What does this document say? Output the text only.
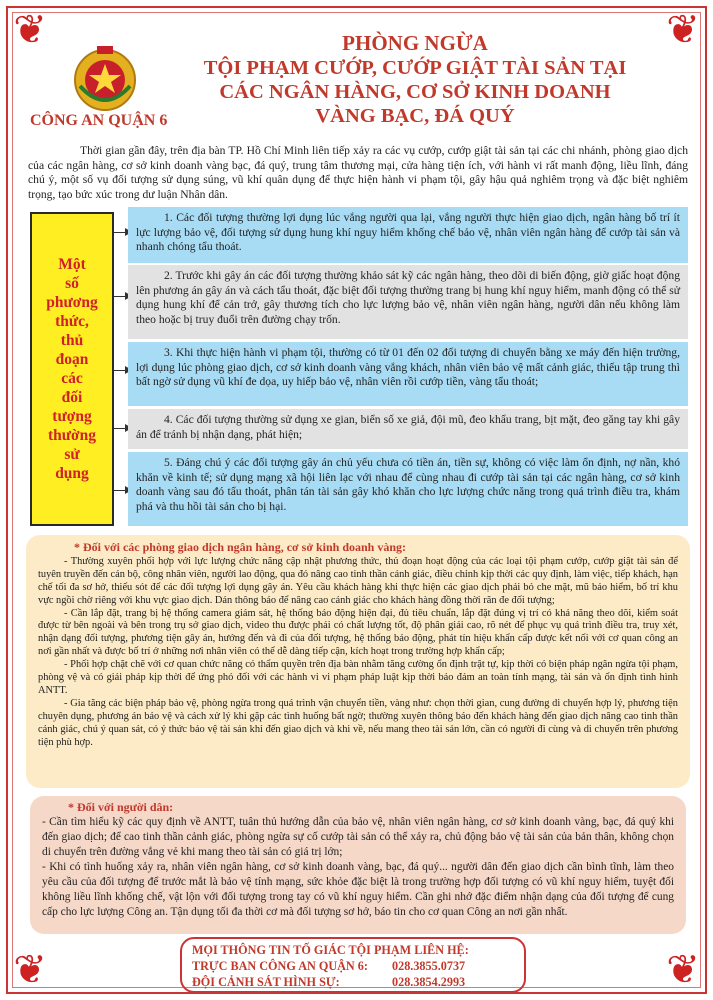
❦	❦
❦	❦
CÔNG AN QUẬN 6
PHÒNG NGỪA
TỘI PHẠM CƯỚP, CƯỚP GIẬT TÀI SẢN TẠI
CÁC NGÂN HÀNG, CƠ SỞ KINH DOANH
VÀNG BẠC, ĐÁ QUÝ
Thời gian gần đây, trên địa bàn TP. Hồ Chí Minh liên tiếp xảy ra các vụ cướp, cướp giật tài sản tại các chi nhánh, phòng giao dịch của các ngân hàng, cơ sở kinh doanh vàng bạc, đá quý, trung tâm thương mại, cửa hàng tiện ích, với hành vi rất manh động, liều lĩnh, đáng chú ý, một số vụ đối tượng sử dụng súng, vũ khí quân dụng để thực hiện hành vi phạm tội, gây hậu quả nghiêm trọng và đặc biệt nghiêm trọng, tạo bức xúc trong dư luận Nhân dân.
Một
số
phương
thức,
thủ
đoạn
các
đối
tượng
thường
sử
dụng

1. Các đối tượng thường lợi dụng lúc vắng người qua lại, vắng người thực hiện giao dịch, ngân hàng bố trí ít lực lượng bảo vệ, đối tượng sử dụng hung khí nguy hiểm khống chế bảo vệ, nhân viên ngân hàng để cướp tài sản và nhanh chóng tẩu thoát.
2. Trước khi gây án các đối tượng thường khảo sát kỹ các ngân hàng, theo dõi di biến động, giờ giấc hoạt động lên phương án gây án và cách tẩu thoát, đặc biệt đối tượng thường trang bị hung khí nguy hiểm, manh động có thể sử dụng hung khí để cản trở, gây thương tích cho lực lượng bảo vệ, nhân viên ngân hàng, người dân nếu không làm theo hoặc bị truy đuổi trên đường chạy trốn.
3. Khi thực hiện hành vi phạm tội, thường có từ 01 đến 02 đối tượng di chuyển bằng xe máy đến hiện trường, lợi dụng lúc phòng giao dịch, cơ sở kinh doanh vàng vắng khách, nhân viên bảo vệ mất cảnh giác, thiếu tập trung thì bất ngờ sử dụng vũ khí đe dọa, uy hiếp bảo vệ, nhân viên rồi cướp tiền, vàng tẩu thoát;
4. Các đối tượng thường sử dụng xe gian, biển số xe giả, đội mũ, đeo khẩu trang, bịt mặt, đeo găng tay khi gây án để tránh bị nhận dạng, phát hiện;
5. Đáng chú ý các đối tượng gây án chủ yếu chưa có tiền án, tiền sự, không có việc làm ổn định, nợ nần, khó khăn về kinh tế; sử dụng mạng xã hội liên lạc với nhau để cùng nhau đi cướp tài sản tại các ngân hàng, cơ sở kinh doanh vàng sau đó tẩu thoát, phân tán tài sản gây khó khăn cho lực lượng chức năng trong quá trình điều tra, khám phá và thu hồi tài sản cho bị hại.
* Đối với các phòng giao dịch ngân hàng, cơ sở kinh doanh vàng:

- Thường xuyên phối hợp với lực lượng chức năng cập nhật phương thức, thủ đoạn hoạt động của các loại tội phạm cướp, cướp giật tài sản để tuyên truyền đến cán bộ, công nhân viên, người lao động, qua đó nâng cao tinh thần cảnh giác, điều chỉnh kịp thời các quy định, làm việc, tiếp khách, hạn chế tối đa sơ hở, thiếu sót để các đối tượng lợi dụng gây án. Yêu cầu khách hàng khi thực hiện các giao dịch phải bỏ che mặt, mũ bảo hiểm, bố trí khu vực ngồi chờ riêng với khu vực giao dịch. Dán thông báo để nâng cao cảnh giác cho khách hàng đồng thời răn đe đối tượng;

- Cần lắp đặt, trang bị hệ thống camera giám sát, hệ thống báo động hiện đại, đủ tiêu chuẩn, lắp đặt đúng vị trí có khả năng theo dõi, kiểm soát được từ bên ngoài và bên trong trụ sở giao dịch, video thu được phải có chất lượng tốt, độ phân giải cao, rõ nét để phục vụ quá trình điều tra, truy xét, nhận dạng đối tượng, phương tiện gây án, hướng đến và đi của đối tượng, hệ thống báo động, phát tín hiệu khẩn cấp được kết nối với cơ quan công an nơi gần nhất và được bố trí ở những nơi nhân viên có thể dễ dàng tiếp cận, kích hoạt trong trường hợp khẩn cấp;

- Phối hợp chặt chẽ với cơ quan chức năng có thẩm quyền trên địa bàn nhằm tăng cường ổn định trật tự, kịp thời có biện pháp ngăn ngừa tội phạm, phòng vệ và có giải pháp kịp thời để ứng phó đối với các hành vi vi phạm pháp luật kịp thời bảo đảm an toàn tính mạng, tài sản và ổn định tình hình ANTT.

- Gia tăng các biện pháp bảo vệ, phòng ngừa trong quá trình vận chuyển tiền, vàng như: chọn thời gian, cung đường di chuyển hợp lý, phương tiện chuyên dụng, phương án bảo vệ và cách xử lý khi gặp các tình huống bất ngờ; thường xuyên thông báo đến khách hàng đến giao dịch nâng cao tinh thần cảnh giác, chú ý quan sát, có ý thức bảo vệ tài sản khi đến giao dịch và khi về, nếu mang theo tài sản lớn, cần có người đi cùng và di chuyển trên phương tiện phù hợp.

* Đối với người dân:

- Cần tìm hiểu kỹ các quy định về ANTT, tuân thủ hướng dẫn của bảo vệ, nhân viên ngân hàng, cơ sở kinh doanh vàng, bạc, đá quý khi đến giao dịch; để cao tinh thần cảnh giác, phòng ngừa sự cố cướp tài sản có thể xảy ra, chủ động bảo vệ tài sản của bản thân, không chọn di chuyển trên đường vắng vẻ khi mang theo tài sản có giá trị lớn;

- Khi có tình huống xảy ra, nhân viên ngân hàng, cơ sở kinh doanh vàng, bạc, đá quý... người dân đến giao dịch cần bình tĩnh, làm theo yêu cầu của đối tượng để trước mắt là bảo vệ tính mạng, sức khỏe đặc biệt là trong trường hợp đối tượng có vũ khí nguy hiểm, tuyệt đối không liều lĩnh khống chế, vật lộn với đối tượng trong tay có vũ khí nguy hiểm. Cần ghi nhớ đặc điểm nhận dạng của đối tượng để cung cấp cho lực lượng Công an. Tận dụng tối đa thời cơ mà đối tượng sơ hở, báo tin cho cơ quan Công an nơi gần nhất.

MỌI THÔNG TIN TỐ GIÁC TỘI PHẠM LIÊN HỆ:
TRỰC BAN CÔNG AN QUẬN 6:	028.3855.0737
ĐỘI CẢNH SÁT HÌNH SỰ:	028.3854.2993
